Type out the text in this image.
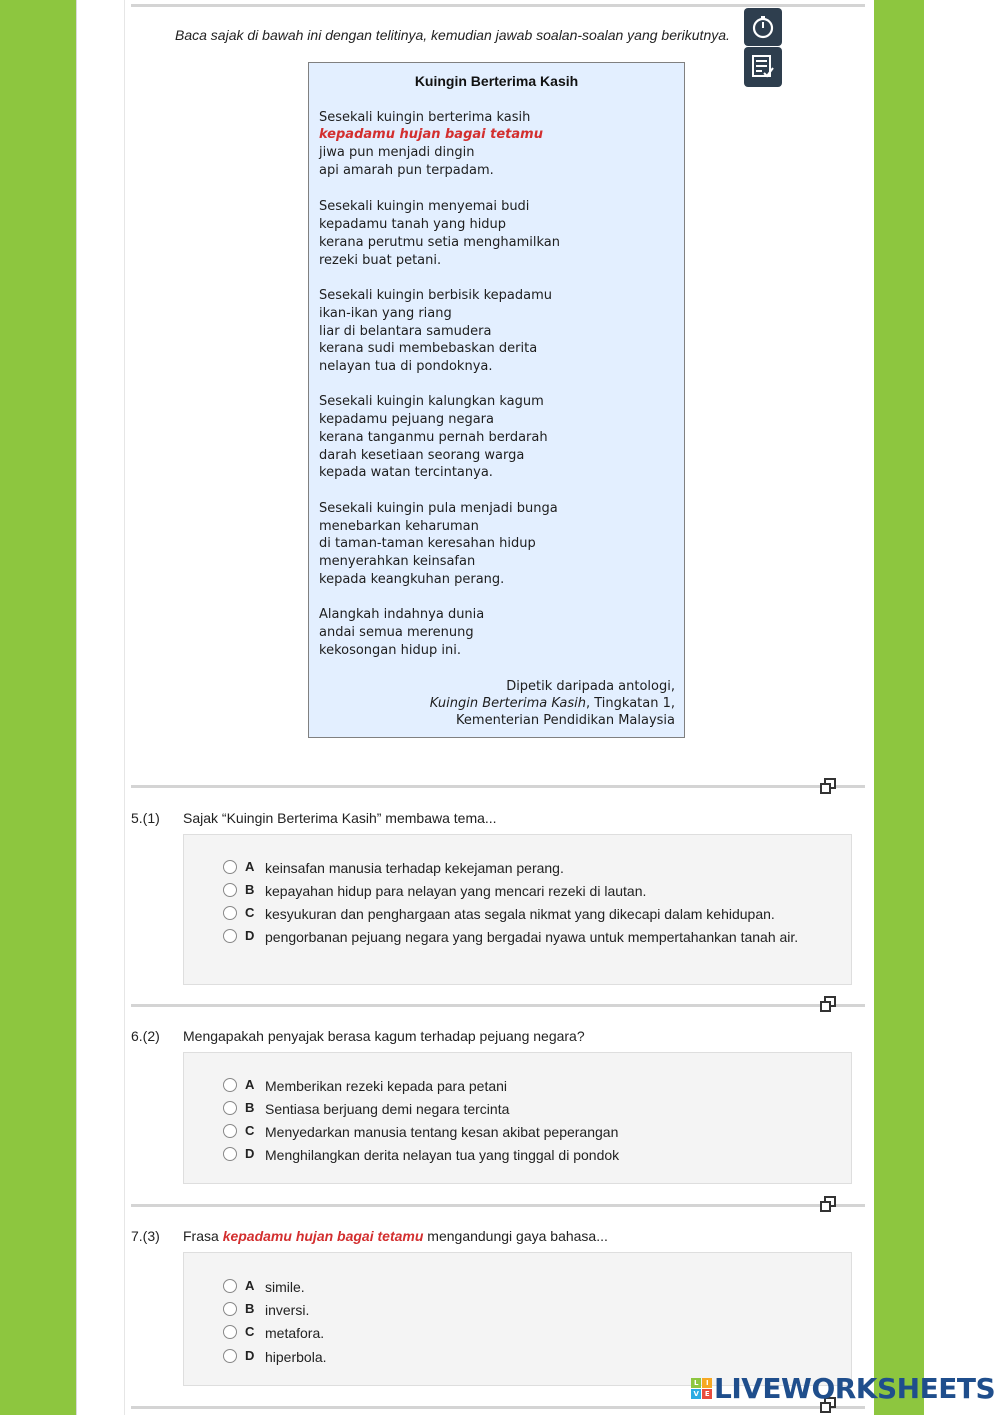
Baca sajak di bawah ini dengan telitinya, kemudian jawab soalan-soalan yang berikutnya.
Kuingin Berterima Kasih
Sesekali kuingin berterima kasih
kepadamu hujan bagai tetamu
jiwa pun menjadi dingin
api amarah pun terpadam.
Sesekali kuingin menyemai budi
kepadamu tanah yang hidup
kerana perutmu setia menghamilkan
rezeki buat petani.
Sesekali kuingin berbisik kepadamu
ikan-ikan yang riang
liar di belantara samudera
kerana sudi membebaskan derita
nelayan tua di pondoknya.
Sesekali kuingin kalungkan kagum
kepadamu pejuang negara
kerana tanganmu pernah berdarah
darah kesetiaan seorang warga
kepada watan tercintanya.
Sesekali kuingin pula menjadi bunga
menebarkan keharuman
di taman-taman keresahan hidup
menyerahkan keinsafan
kepada keangkuhan perang.
Alangkah indahnya dunia
andai semua merenung
kekosongan hidup ini.
Dipetik daripada antologi,
Kuingin Berterima Kasih, Tingkatan 1,
Kementerian Pendidikan Malaysia
5.(1) Sajak “Kuingin Berterima Kasih” membawa tema...
A keinsafan manusia terhadap kekejaman perang.
B kepayahan hidup para nelayan yang mencari rezeki di lautan.
C kesyukuran dan penghargaan atas segala nikmat yang dikecapi dalam kehidupan.
D pengorbanan pejuang negara yang bergadai nyawa untuk mempertahankan tanah air.
6.(2) Mengapakah penyajak berasa kagum terhadap pejuang negara?
A Memberikan rezeki kepada para petani
B Sentiasa berjuang demi negara tercinta
C Menyedarkan manusia tentang kesan akibat peperangan
D Menghilangkan derita nelayan tua yang tinggal di pondok
7.(3) Frasa kepadamu hujan bagai tetamu mengandungi gaya bahasa...
A simile.
B inversi.
C metafora.
D hiperbola.
L	I
V E LIVEWORKSHEETS
